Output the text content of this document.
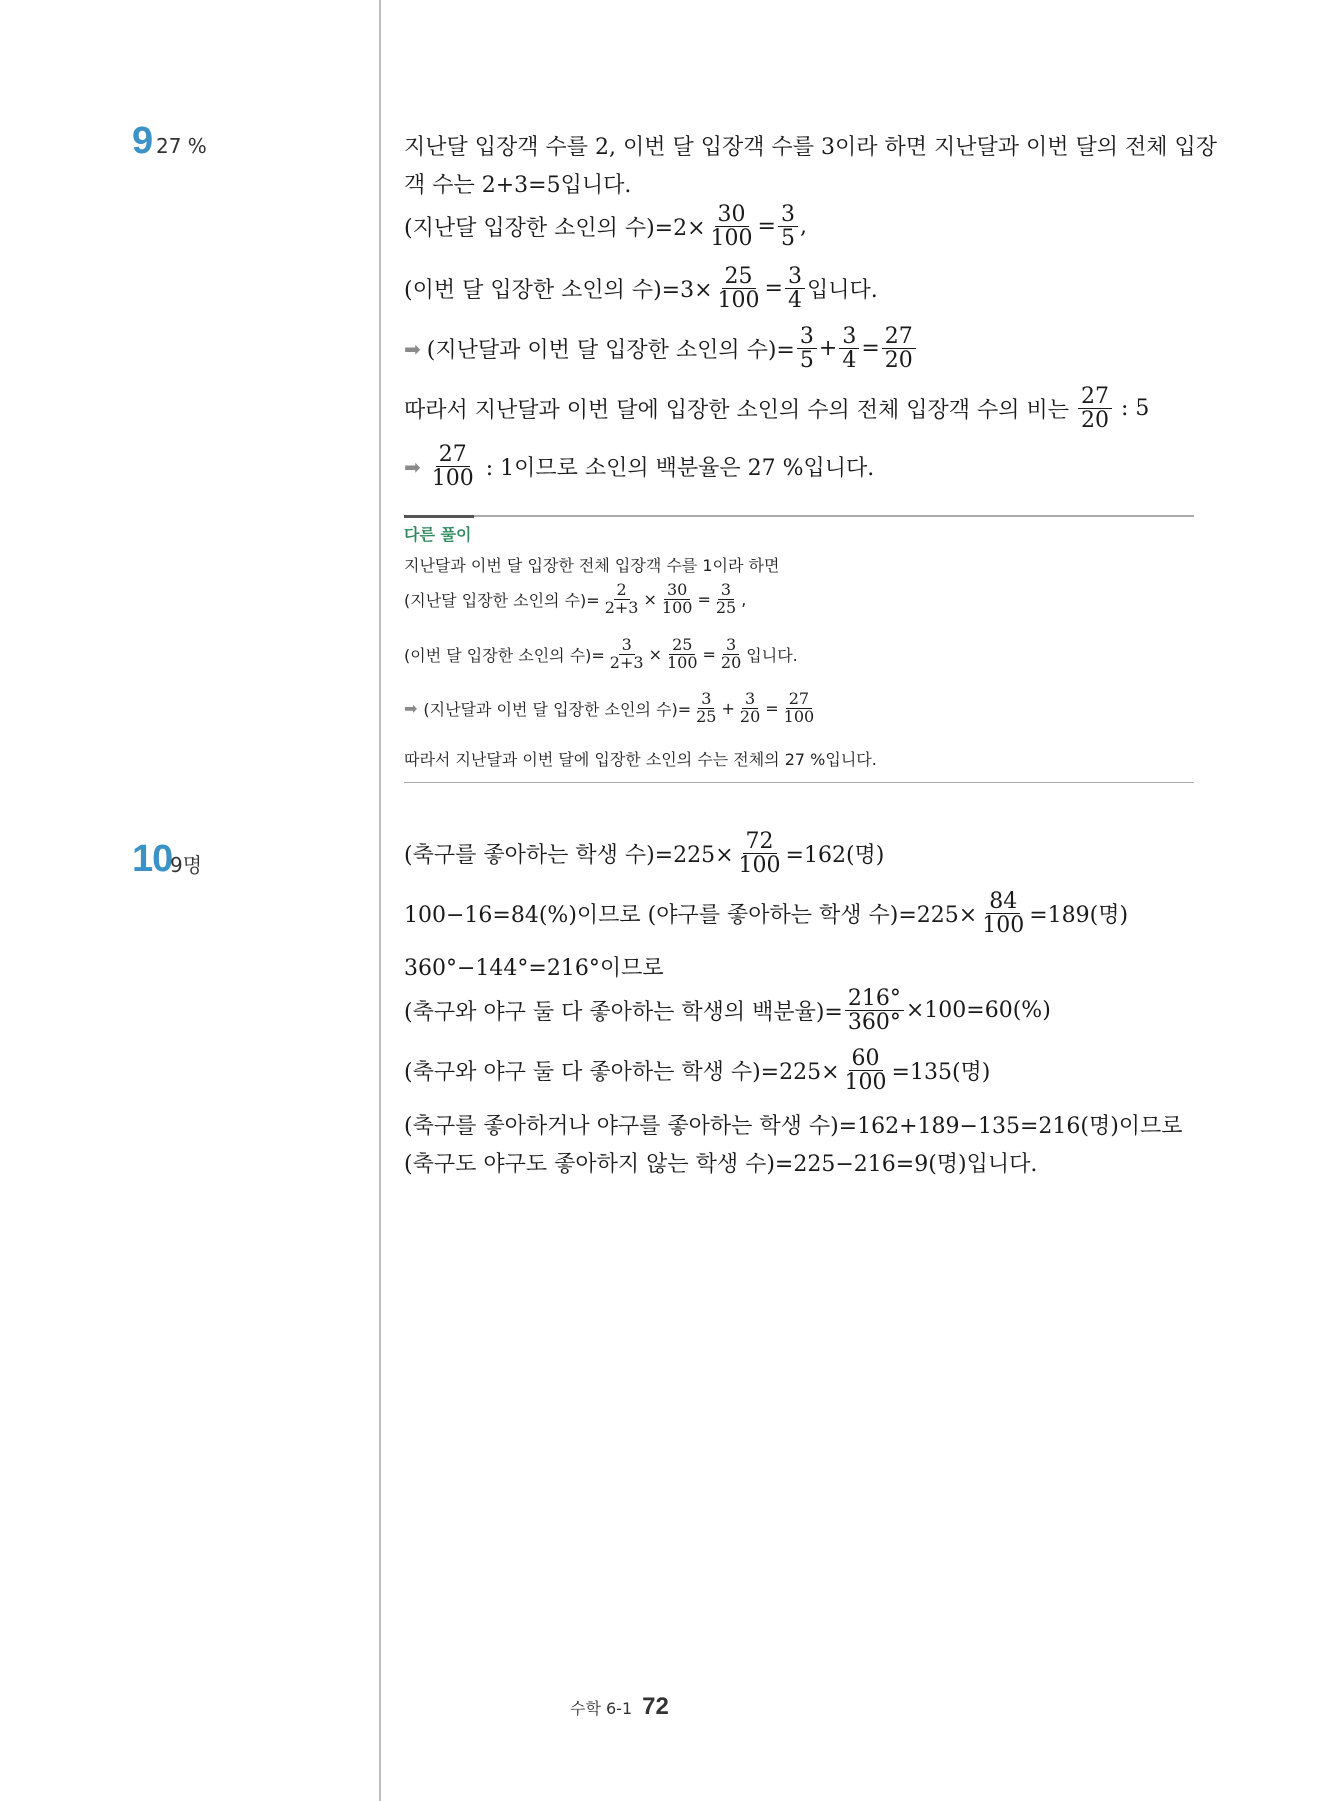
9 27 %	지난달 입장객 수를 2, 이번 달 입장객 수를 3이라 하면 지난달과 이번 달의 전체 입장
객 수는 2+3=5입니다.
(지난달 입장한 소인의 수)$=2\times \frac{30}{100} = \frac{3}{5}$ ,
(이번 달 입장한 소인의 수)$=3\times \frac{25}{100} = \frac{3}{4}$ 입니다.
➡ (지난달과 이번 달 입장한 소인의 수)= $\frac{3}{5} + \frac{3}{4} = \frac{27}{20}$
따라서 지난달과 이번 달에 입장한 소인의 수의 전체 입장객 수의 비는 $\frac{27}{20}$ : 5
➡ $\frac{27}{100}$ : 1이므로 소인의 백분율은 27 %입니다.
다른 풀이
지난달과 이번 달 입장한 전체 입장객 수를 1이라 하면
(지난달 입장한 소인의 수)= $\frac{2}{2+3} \times \frac{30}{100} = \frac{3}{25}$ ,
(이번 달 입장한 소인의 수)= $\frac{3}{2+3} \times \frac{25}{100} = \frac{3}{20}$ 입니다.
➡ (지난달과 이번 달 입장한 소인의 수)= $\frac{3}{25} + \frac{3}{20} = \frac{27}{100}$
따라서 지난달과 이번 달에 입장한 소인의 수는 전체의 27 %입니다.
10
9명	(축구를 좋아하는 학생 수)$=225\times \frac{72}{100} =162$(명)
100−16=84(%)이므로 (야구를 좋아하는 학생 수)$=225\times \frac{84}{100} =189$(명)
360°−144°=216°이므로
(축구와 야구 둘 다 좋아하는 학생의 백분율)= $\frac{216^\circ}{360^\circ} \times 100=60(\%)$
(축구와 야구 둘 다 좋아하는 학생 수)$=225\times \frac{60}{100} =135$(명)
(축구를 좋아하거나 야구를 좋아하는 학생 수)=162+189−135=216(명)이므로
(축구도 야구도 좋아하지 않는 학생 수)=225−216=9(명)입니다.
수학 6-1 72
